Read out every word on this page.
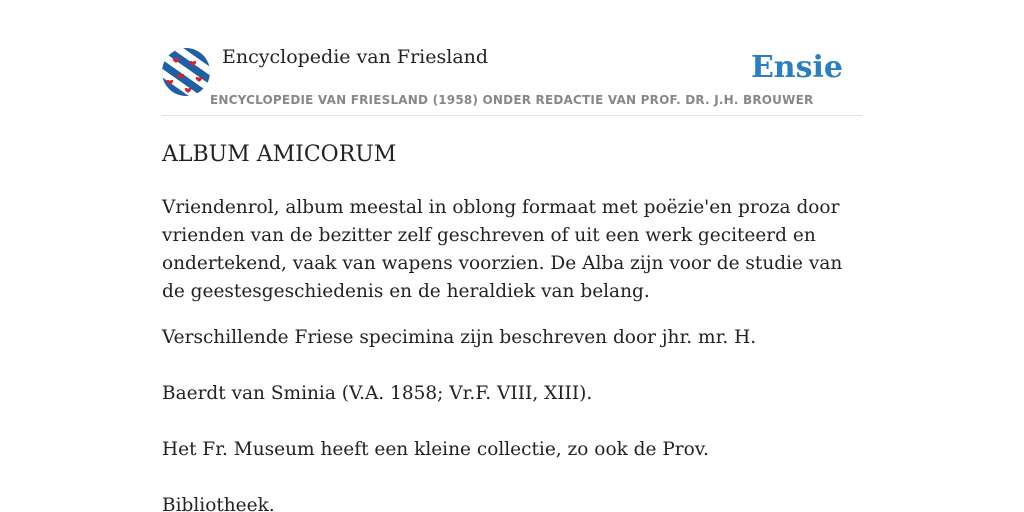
Encyclopedie van Friesland
ENCYCLOPEDIE VAN FRIESLAND (1958) ONDER REDACTIE VAN PROF. DR. J.H. BROUWER
Ensie
ALBUM AMICORUM

Vriendenrol, album meestal in oblong formaat met poëzie'en proza door vrienden van de bezitter zelf geschreven of uit een werk geciteerd en ondertekend, vaak van wapens voorzien. De Alba zijn voor de studie van de geestesgeschiedenis en de heraldiek van belang.

Verschillende Friese specimina zijn beschreven door jhr. mr. H.

Baerdt van Sminia (V.A. 1858; Vr.F. VIII, XIII).

Het Fr. Museum heeft een kleine collectie, zo ook de Prov.

Bibliotheek.
